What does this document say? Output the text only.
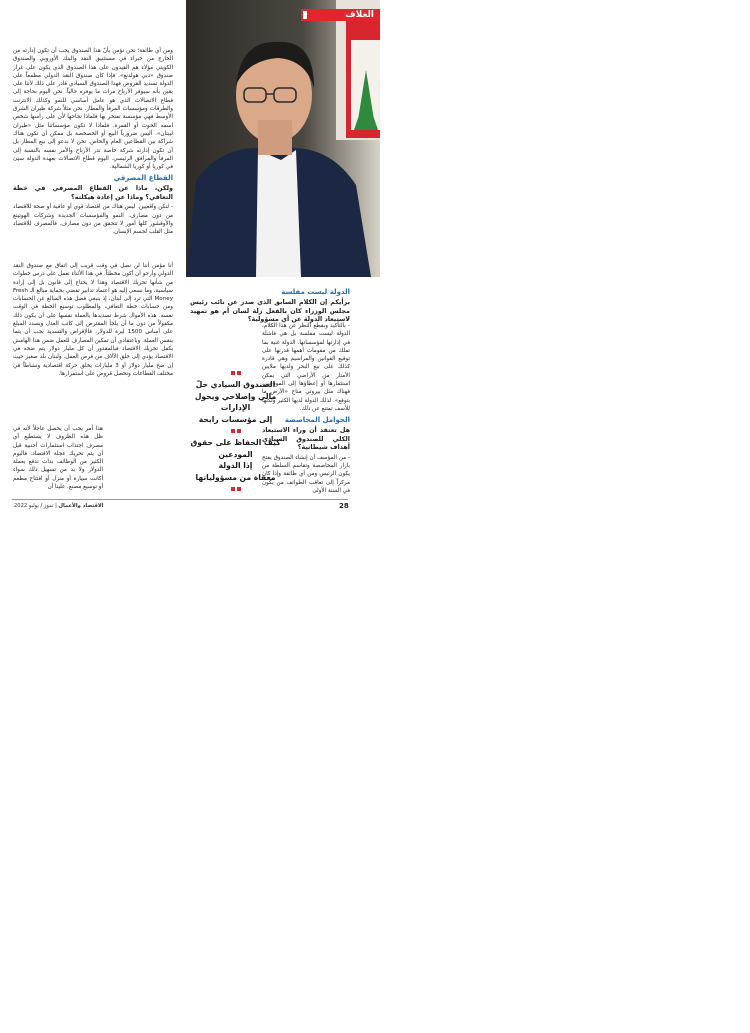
ومن أي طائفة؛ نحن نؤمن بأنّ هذا الصندوق يجب أن تكون إدارته من الخارج من خبراء في مستثنيق النقد والبنك الأوروبي والصندوق الكويتي مؤلاء هم القيدون على هذا الصندوق الذي يكون على غرار صندوق «دبي هولدنغ». فإذا كان صندوق النقد الدولي مطمعاً على الدولة تسديد القروض فهذا الصندوق السيادي قادر على ذلك لأننا على يقين بأنه سيوفر الأرباح مرات ما يوفره حالياً. نحن اليوم بحاجة إلى قطاع الاتصالات الذي هو عامل أساسي للنمو وكذلك الانترنت والطرقات ومؤسسات المرفأ والمطار. نحن مثلاً شركة طيران الشرق الأوسط فهي مؤسسة تفتخر بها فلماذا نجاحها لأن على رأسها شخص اسمه الحوت أو القمرة. فلماذا لا تكون مؤسساتنا مثل «طيران ليبنان». أليس ضرورياً البيع أو الخصخصة بل ممكن أن تكون هناك شراكة بين القطاعين العام والخاص. نحن لا ندعو إلى بيع المطار بل أن تكون إدارته شركة خاصة تدر الأرباح والأمر نفسه بالنسبة إلى المرفأ والمرافق الرئيسي. اليوم قطاع الاتصالات بعهدة الدولة سيئ في كوريا أو كوريا الشمالية.

القطاع المصرفي
ولكن، ماذا عن القطاع المصرفي في خطة التعافي؟ وماذا عن إعادة هيكلته؟

- لنكن واقعيين. ليس هناك من اقتصاد قوي أو عافية أو صحة للاقتصاد من دون مصارف. النمو والمؤسسات الجديدة وشركات الهوتينغ والأوفشور كلها أمور لا تتحقق من دون مصارف. فالمصرف للاقتصاد مثل القلب لجسم الإنسان.

أنا مؤمن أننا لن نصل في وقت قريب إلى اتفاق مع صندوق النقد الدولي وأرجو أن أكون مخطئاً. في هذا الأثناء نعمل على درس خطوات من شأنها تحريك الاقتصاد وهذا لا يحتاج إلى قانون بل إلى إرادة سياسية، وما نسعى إليه هو اعتماد تدابير تقضي بحماية مبالغ الـ Fresh Money التي ترد إلى لبنان، إذ ينبغي فصل هذه المبالغ عن الحسابات ومن حسابات خطة التعافي، والمطلوب توسيع الخطة في الوقت نفسه. هذه الأموال شرط تسديدها بالعملة نفسها على أن يكون ذلك مكفولاً من دون ما أن يلجأ المقترض إلى كاتب العدل ويسدد المبلغ على أساس 1500 ليرة للدولار، فالإقراض والتسديد يجب أن يتما بنفس العملة. وباعتقادي أن تمكين المصارف للعمل ضمن هذا الهامش يكفل تحريك الاقتصاد فبالمقدور أن كل مليار دولار يتم ضخه في الاقتصاد يؤدي إلى خلق الآلاف من فرص العمل. ولبنان بلد صغير حيث إن ضخ مليار دولار أو 3 مليارات يخلق حركة اقتصادية ونشاطاً في مختلف القطاعات وتحصل قروض على استمرارها.

هذا أمر يجب أن يحصل عاجلاً لأنه في ظل هذه الظروف لا يستطيع أي مصرف اجتذاب استثمارات أجنبية قبل أن يتم تحريك عجلة الاقتصاد. فاليوم الكثير من الوظائف بدأت تدفع بعملة الدولار ولا بد من تسهيل ذلك سواء أكانت سيارة أو منزل أو افتتاح مطعم أو توسيع مصنع. علينا أن

الغلاف
الدولة ليست مفلسة
برأيكم إن الكلام السابق الذي صدر عن نائب رئيس مجلس الوزراء كان بالفعل زلة لسان أم هو تمهيد لاستبعاد الدولة عن أي مسؤولية؟

- بالتأكيد وبقطع النظر عن هذا الكلام، الدولة ليست مفلسة بل هي فاشلة في إدارتها لمؤسساتها. الدولة غنية بما تملك من مقومات أهمها قدرتها على توقيع القوانين والمراسيم وهي قادرة كذلك على بيع البحر ولديها ملايين الأمتار من الأراضي التي يمكن استثمارها أو إعطاؤها إلى المودعين، فهناك مثل بيروتي مناح «الأرض ما بتوقع». لذلك الدولة لديها الكثير ولكنها للأسف تمتنع عن ذلك.

الحوامل المحاصصة
هل تعتقد أن وراء الاستبعاد الكلي للصندوق السيادي أهداف شيطانية؟

- من المؤسف أن إنشاء الصندوق يفتح بازار المحاصصة وتقاسم السلطة من يكون الرئيس ومن أي طائفة وإذا كان مركزاً إلى تعاقب الطوائف من يكون في السنة الأولى

الصندوق السيادي حلّ
مالي وإصلاحي ويحول الإدارات
إلى مؤسسات رابحة
كيف الحفاظ على حقوق المودعين
إذا الدولة
معفاة من مسؤولياتها
28
الاقتصاد والأعمال | تموز / يوليو 2022
